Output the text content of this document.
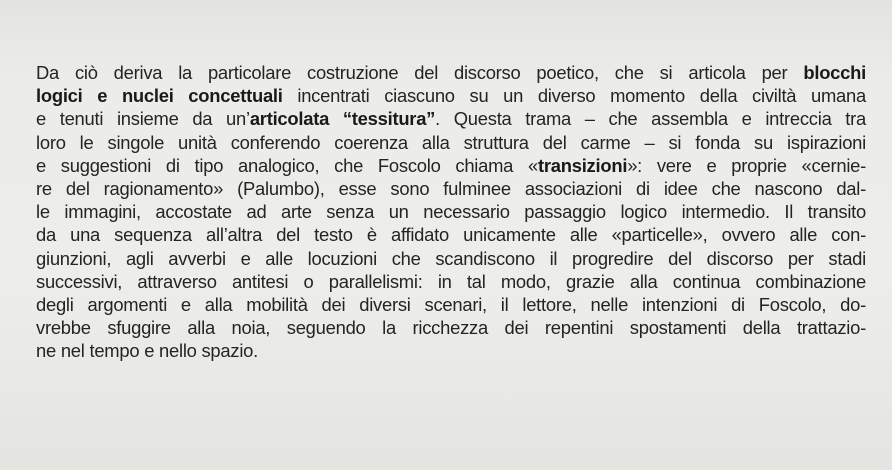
Da ciò deriva la particolare costruzione del discorso poetico, che si articola per blocchi
logici e nuclei concettuali incentrati ciascuno su un diverso momento della civiltà umana
e tenuti insieme da un’articolata “tessitura”. Questa trama – che assembla e intreccia tra
loro le singole unità conferendo coerenza alla struttura del carme – si fonda su ispirazioni
e suggestioni di tipo analogico, che Foscolo chiama «transizioni»: vere e proprie «cernie-
re del ragionamento» (Palumbo), esse sono fulminee associazioni di idee che nascono dal-
le immagini, accostate ad arte senza un necessario passaggio logico intermedio. Il transito
da una sequenza all’altra del testo è affidato unicamente alle «particelle», ovvero alle con-
giunzioni, agli avverbi e alle locuzioni che scandiscono il progredire del discorso per stadi
successivi, attraverso antitesi o parallelismi: in tal modo, grazie alla continua combinazione
degli argomenti e alla mobilità dei diversi scenari, il lettore, nelle intenzioni di Foscolo, do-
vrebbe sfuggire alla noia, seguendo la ricchezza dei repentini spostamenti della trattazio-
ne nel tempo e nello spazio.
